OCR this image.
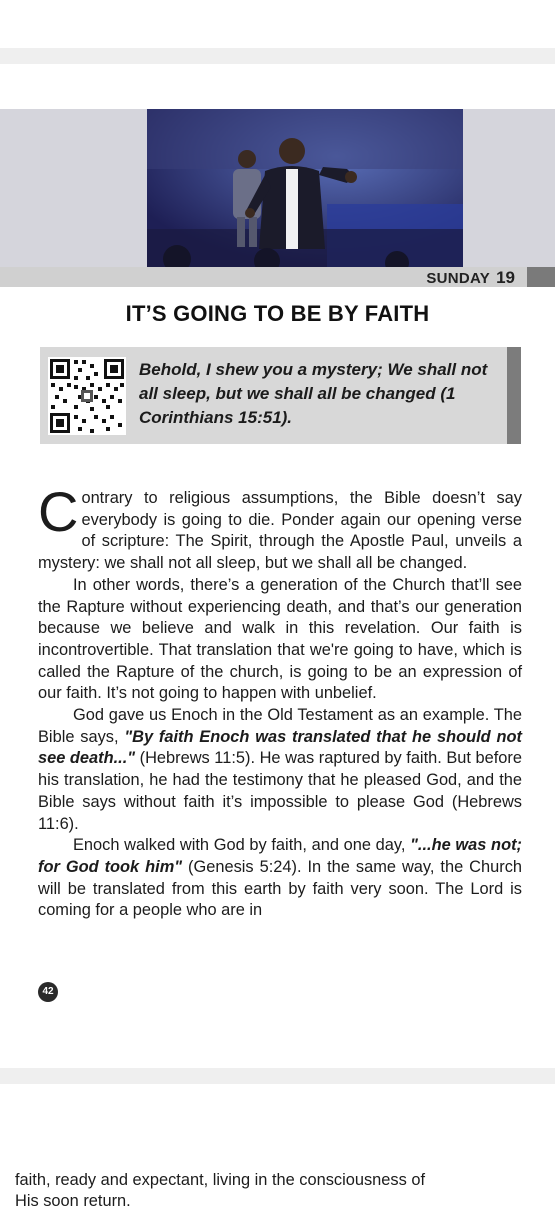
SUNDAY 19
IT’S GOING TO BE BY FAITH
Behold, I shew you a mystery; We shall not all sleep, but we shall all be changed (1 Corinthians 15:51).

Contrary to religious assumptions, the Bible doesn’t say everybody is going to die. Ponder again our opening verse of scripture: The Spirit, through the Apostle Paul, unveils a mystery: we shall not all sleep, but we shall all be changed.

In other words, there’s a generation of the Church that’ll see the Rapture without experiencing death, and that’s our generation because we believe and walk in this revelation. Our faith is incontrovertible. That translation that we're going to have, which is called the Rapture of the church, is going to be an expression of our faith. It’s not going to happen with unbelief.

God gave us Enoch in the Old Testament as an example. The Bible says, "By faith Enoch was translated that he should not see death..." (Hebrews 11:5). He was raptured by faith. But before his translation, he had the testimony that he pleased God, and the Bible says without faith it’s impossible to please God (Hebrews 11:6).

Enoch walked with God by faith, and one day, "...he was not; for God took him" (Genesis 5:24). In the same way, the Church will be translated from this earth by faith very soon. The Lord is coming for a people who are in

42
faith, ready and expectant, living in the consciousness of
His soon return.
